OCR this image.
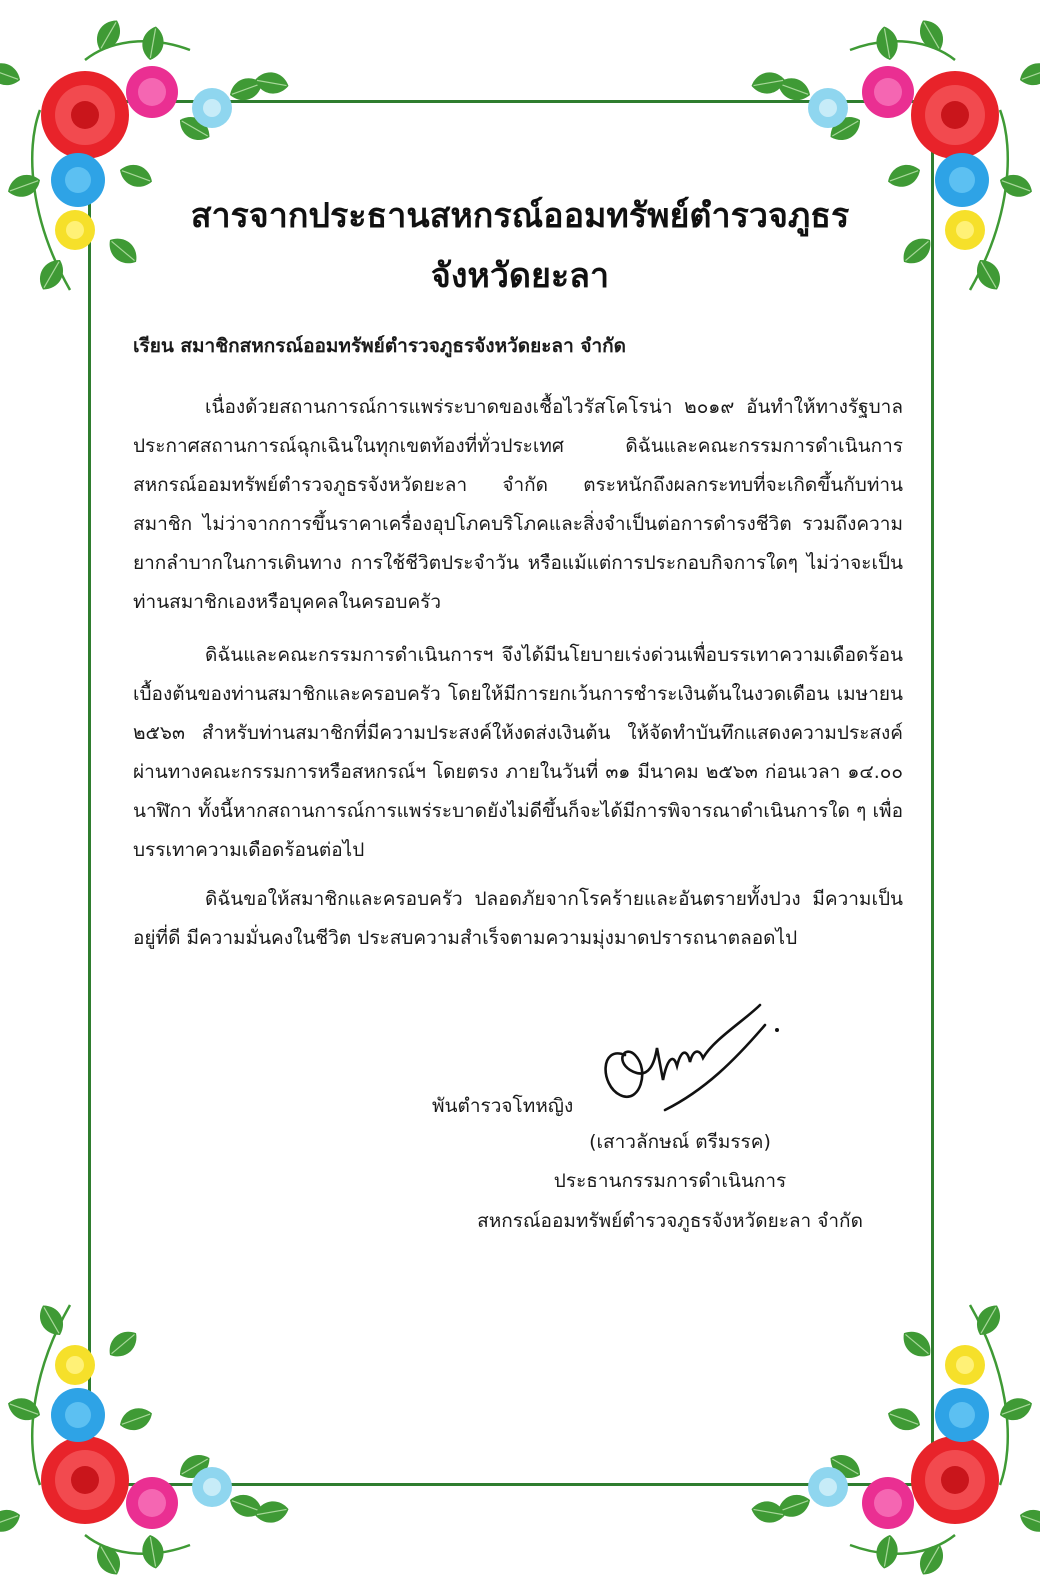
สารจากประธานสหกรณ์ออมทรัพย์ตำรวจภูธร
จังหวัดยะลา
เรียน สมาชิกสหกรณ์ออมทรัพย์ตำรวจภูธรจังหวัดยะลา จำกัด

เนื่องด้วยสถานการณ์การแพร่ระบาดของเชื้อไวรัสโคโรน่า ๒๐๑๙ อันทำให้ทางรัฐบาลประกาศสถานการณ์ฉุกเฉินในทุกเขตท้องที่ทั่วประเทศ ดิฉันและคณะกรรมการดำเนินการสหกรณ์ออมทรัพย์ตำรวจภูธรจังหวัดยะลา จำกัด ตระหนักถึงผลกระทบที่จะเกิดขึ้นกับท่านสมาชิก ไม่ว่าจากการขึ้นราคาเครื่องอุปโภคบริโภคและสิ่งจำเป็นต่อการดำรงชีวิต รวมถึงความยากลำบากในการเดินทาง การใช้ชีวิตประจำวัน หรือแม้แต่การประกอบกิจการใดๆ ไม่ว่าจะเป็นท่านสมาชิกเองหรือบุคคลในครอบครัว

ดิฉันและคณะกรรมการดำเนินการฯ จึงได้มีนโยบายเร่งด่วนเพื่อบรรเทาความเดือดร้อนเบื้องต้นของท่านสมาชิกและครอบครัว โดยให้มีการยกเว้นการชำระเงินต้นในงวดเดือน เมษายน ๒๕๖๓ สำหรับท่านสมาชิกที่มีความประสงค์ให้งดส่งเงินต้น ให้จัดทำบันทึกแสดงความประสงค์ ผ่านทางคณะกรรมการหรือสหกรณ์ฯ โดยตรง ภายในวันที่ ๓๑ มีนาคม ๒๕๖๓ ก่อนเวลา ๑๔.๐๐ นาฬิกา ทั้งนี้หากสถานการณ์การแพร่ระบาดยังไม่ดีขึ้นก็จะได้มีการพิจารณาดำเนินการใด ๆ เพื่อบรรเทาความเดือดร้อนต่อไป

ดิฉันขอให้สมาชิกและครอบครัว ปลอดภัยจากโรคร้ายและอันตรายทั้งปวง มีความเป็นอยู่ที่ดี มีความมั่นคงในชีวิต ประสบความสำเร็จตามความมุ่งมาดปรารถนาตลอดไป

พันตำรวจโทหญิง
(เสาวลักษณ์ ตรีมรรค)
ประธานกรรมการดำเนินการ
สหกรณ์ออมทรัพย์ตำรวจภูธรจังหวัดยะลา จำกัด
